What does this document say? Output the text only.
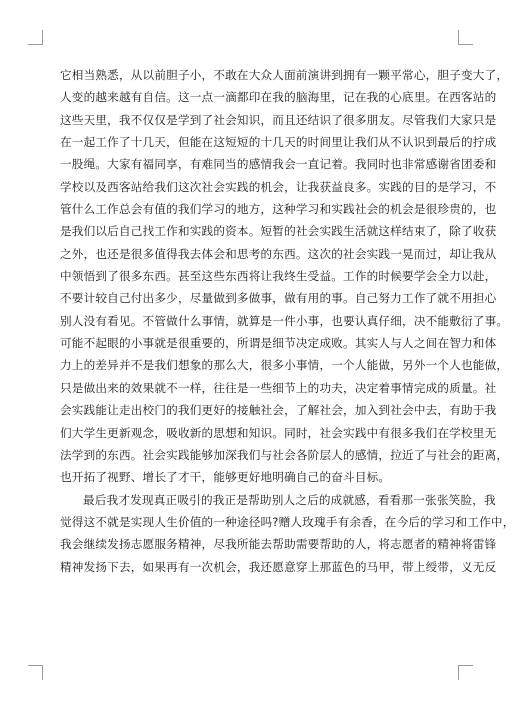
它相当熟悉，从以前胆子小，不敢在大众人面前演讲到拥有一颗平常心，胆子变大了，
人变的越来越有自信。这一点一滴都印在我的脑海里，记在我的心底里。在西客站的
这些天里，我不仅仅是学到了社会知识，而且还结识了很多朋友。尽管我们大家只是
在一起工作了十几天，但能在这短短的十几天的时间里让我们从不认识到最后的拧成
一股绳。大家有福同享，有难同当的感情我会一直记着。我同时也非常感谢省团委和
学校以及西客站给我们这次社会实践的机会，让我获益良多。实践的目的是学习，不
管什么工作总会有值的我们学习的地方，这种学习和实践社会的机会是很珍贵的，也
是我们以后自己找工作和实践的资本。短暂的社会实践生活就这样结束了，除了收获
之外，也还是很多值得我去体会和思考的东西。这次的社会实践一晃而过，却让我从
中领悟到了很多东西。甚至这些东西将让我终生受益。工作的时候要学会全力以赴，
不要计较自己付出多少，尽量做到多做事，做有用的事。自己努力工作了就不用担心
别人没有看见。不管做什么事情，就算是一件小事，也要认真仔细，决不能敷衍了事。
可能不起眼的小事就是很重要的，所谓是细节决定成败。其实人与人之间在智力和体
力上的差异并不是我们想象的那么大，很多小事情，一个人能做，另外一个人也能做，
只是做出来的效果就不一样，往往是一些细节上的功夫，决定着事情完成的质量。社
会实践能让走出校门的我们更好的接触社会，了解社会，加入到社会中去，有助于我
们大学生更新观念，吸收新的思想和知识。同时，社会实践中有很多我们在学校里无
法学到的东西。社会实践能够加深我们与社会各阶层人的感情，拉近了与社会的距离，
也开拓了视野、增长了才干，能够更好地明确自己的奋斗目标。
最后我才发现真正吸引的我正是帮助别人之后的成就感，看看那一张张笑脸，我
觉得这不就是实现人生价值的一种途径吗?赠人玫瑰手有余香，在今后的学习和工作中，
我会继续发扬志愿服务精神，尽我所能去帮助需要帮助的人，将志愿者的精神将雷锋
精神发扬下去，如果再有一次机会，我还愿意穿上那蓝色的马甲，带上绶带，义无反
